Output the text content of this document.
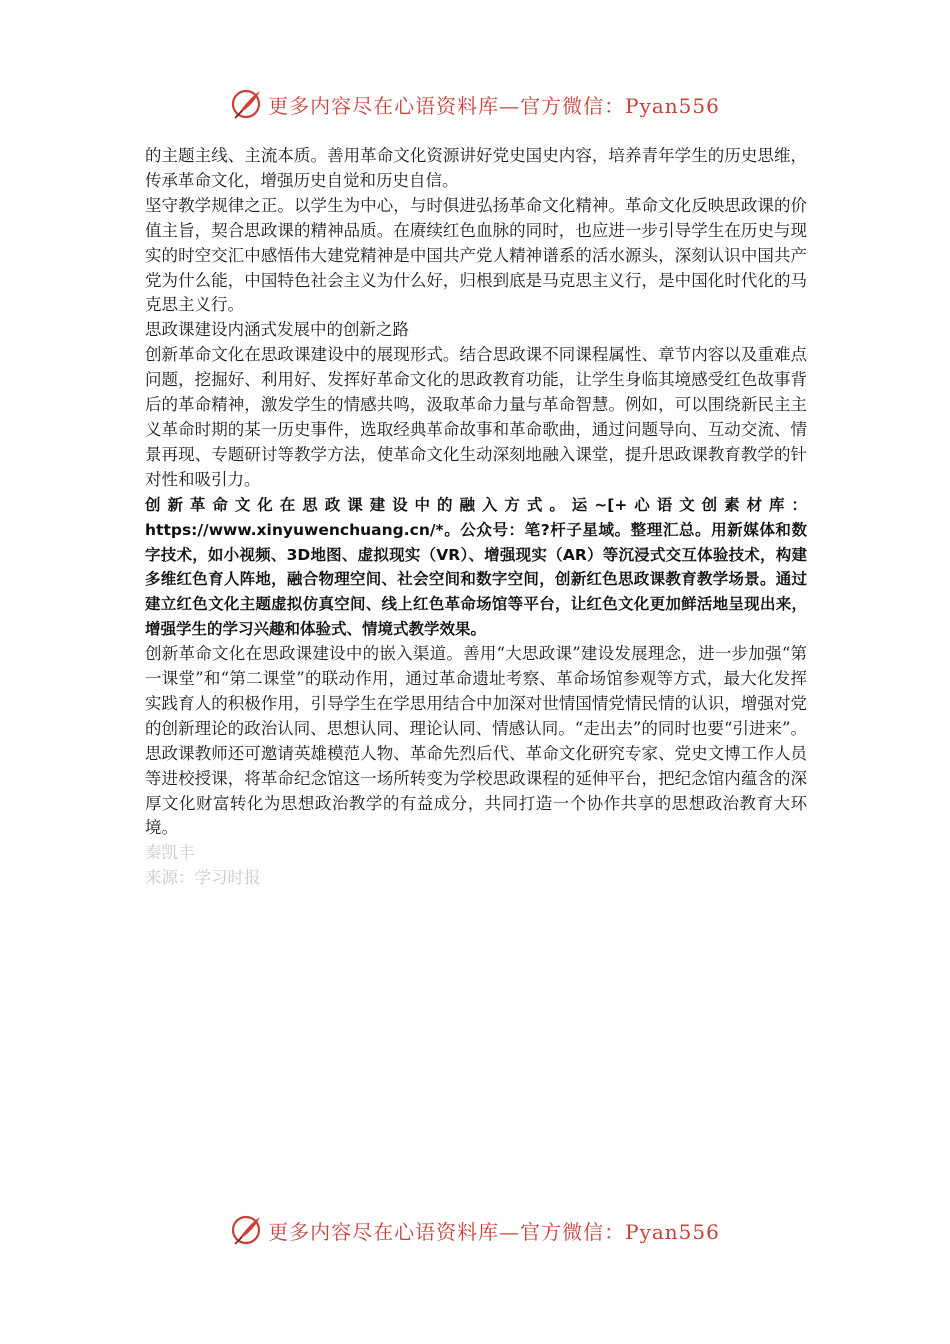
更多内容尽在心语资料库—官方微信：Pyan556

的主题主线、主流本质。善用革命文化资源讲好党史国史内容，培养青年学生的历史思维，传承革命文化，增强历史自觉和历史自信。

坚守教学规律之正。以学生为中心，与时俱进弘扬革命文化精神。革命文化反映思政课的价值主旨，契合思政课的精神品质。在赓续红色血脉的同时，也应进一步引导学生在历史与现实的时空交汇中感悟伟大建党精神是中国共产党人精神谱系的活水源头，深刻认识中国共产党为什么能，中国特色社会主义为什么好，归根到底是马克思主义行，是中国化时代化的马克思主义行。

思政课建设内涵式发展中的创新之路

创新革命文化在思政课建设中的展现形式。结合思政课不同课程属性、章节内容以及重难点问题，挖掘好、利用好、发挥好革命文化的思政教育功能，让学生身临其境感受红色故事背后的革命精神，激发学生的情感共鸣，汲取革命力量与革命智慧。例如，可以围绕新民主主义革命时期的某一历史事件，选取经典革命故事和革命歌曲，通过问题导向、互动交流、情景再现、专题研讨等教学方法，使革命文化生动深刻地融入课堂，提升思政课教育教学的针对性和吸引力。

创新革命文化在思政课建设中的融入方式。运~[+心语文创素材库：https://www.xinyuwenchuang.cn/*。公众号：笔?杆子星域。整理汇总。用新媒体和数字技术，如小视频、3D地图、虚拟现实（VR）、增强现实（AR）等沉浸式交互体验技术，构建多维红色育人阵地，融合物理空间、社会空间和数字空间，创新红色思政课教育教学场景。通过建立红色文化主题虚拟仿真空间、线上红色革命场馆等平台，让红色文化更加鲜活地呈现出来，增强学生的学习兴趣和体验式、情境式教学效果。

创新革命文化在思政课建设中的嵌入渠道。善用“大思政课”建设发展理念，进一步加强“第一课堂”和“第二课堂”的联动作用，通过革命遗址考察、革命场馆参观等方式，最大化发挥实践育人的积极作用，引导学生在学思用结合中加深对世情国情党情民情的认识，增强对党的创新理论的政治认同、思想认同、理论认同、情感认同。“走出去”的同时也要“引进来”。思政课教师还可邀请英雄模范人物、革命先烈后代、革命文化研究专家、党史文博工作人员等进校授课，将革命纪念馆这一场所转变为学校思政课程的延伸平台，把纪念馆内蕴含的深厚文化财富转化为思想政治教学的有益成分，共同打造一个协作共享的思想政治教育大环境。

秦凯丰

来源：学习时报

更多内容尽在心语资料库—官方微信：Pyan556
